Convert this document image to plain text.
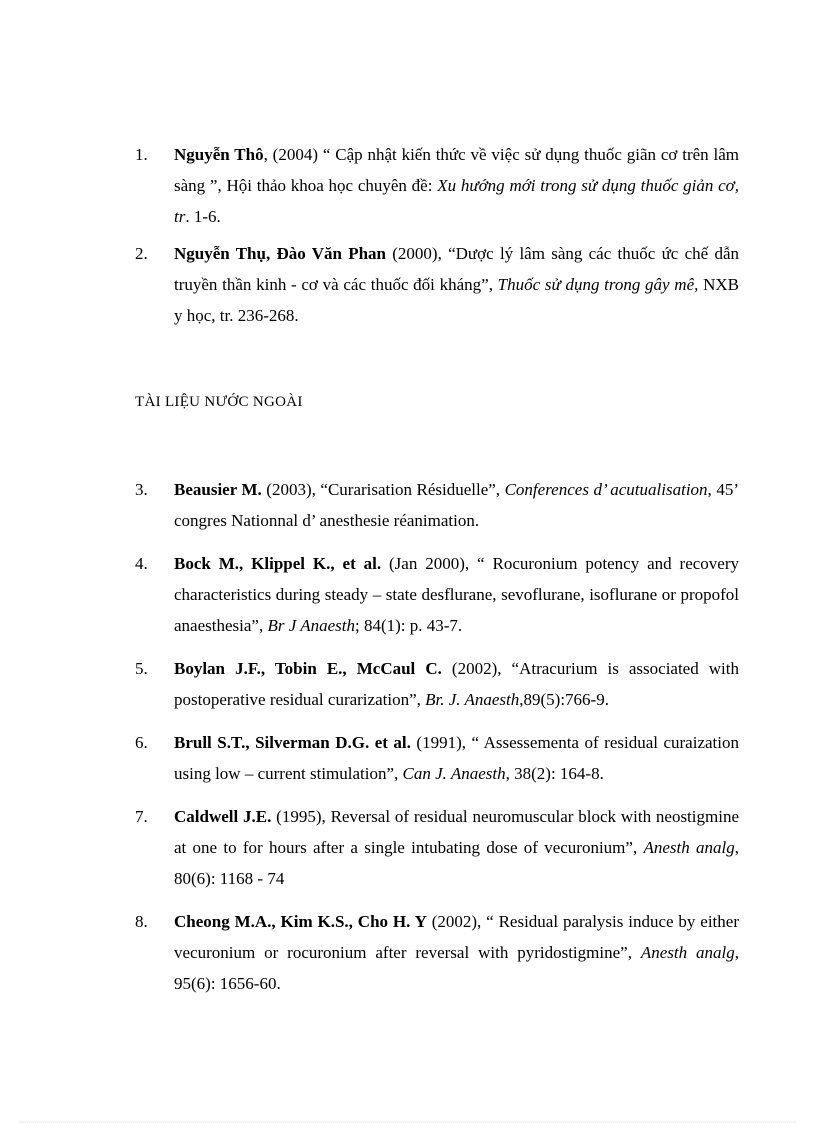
1.	Nguyễn Thô, (2004) “ Cập nhật kiến thức về việc sử dụng thuốc giãn cơ trên lâm sàng ”, Hội thảo khoa học chuyên đề: Xu hướng mới trong sử dụng thuốc giản cơ, tr. 1-6.
2.	Nguyễn Thụ, Đào Văn Phan (2000), “Dược lý lâm sàng các thuốc ức chế dẫn truyền thần kinh - cơ và các thuốc đối kháng”, Thuốc sử dụng trong gây mê, NXB y học, tr. 236-268.
TÀI LIỆU NƯỚC NGOÀI
3.	Beausier M. (2003), “Curarisation Résiduelle”, Conferences d’ acutualisation, 45’ congres Nationnal d’ anesthesie réanimation.
4.	Bock M., Klippel K., et al. (Jan 2000), “ Rocuronium potency and recovery characteristics during steady – state desflurane, sevoflurane, isoflurane or propofol anaesthesia”, Br J Anaesth; 84(1): p. 43-7.
5.	Boylan J.F., Tobin E., McCaul C. (2002), “Atracurium is associated with postoperative residual curarization”, Br. J. Anaesth,89(5):766-9.
6.	Brull S.T., Silverman D.G. et al. (1991), “ Assessementa of residual curaization using low – current stimulation”, Can J. Anaesth, 38(2): 164-8.
7.	Caldwell J.E. (1995), Reversal of residual neuromuscular block with neostigmine at one to for hours after a single intubating dose of vecuronium”, Anesth analg, 80(6): 1168 - 74
8.	Cheong M.A., Kim K.S., Cho H. Y (2002), “ Residual paralysis induce by either vecuronium or rocuronium after reversal with pyridostigmine”, Anesth analg, 95(6): 1656-60.
